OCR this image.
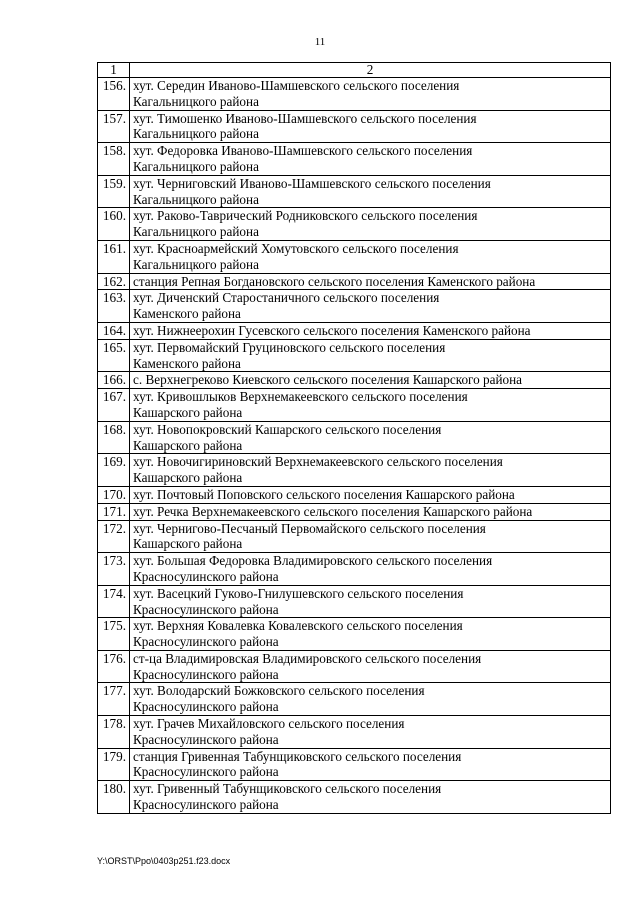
11
1	2
156.	хут. Середин Иваново-Шамшевского сельского поселения
Кагальницкого района
157.	хут. Тимошенко Иваново-Шамшевского сельского поселения
Кагальницкого района
158.	хут. Федоровка Иваново-Шамшевского сельского поселения
Кагальницкого района
159.	хут. Черниговский Иваново-Шамшевского сельского поселения
Кагальницкого района
160.	хут. Раково-Таврический Родниковского сельского поселения
Кагальницкого района
161.	хут. Красноармейский Хомутовского сельского поселения
Кагальницкого района
162.	станция Репная Богдановского сельского поселения Каменского района
163.	хут. Диченский Старостаничного сельского поселения
Каменского района
164.	хут. Нижнеерохин Гусевского сельского поселения Каменского района
165.	хут. Первомайский Груциновского сельского поселения
Каменского района
166.	с. Верхнегреково Киевского сельского поселения Кашарского района
167.	хут. Кривошлыков Верхнемакеевского сельского поселения
Кашарского района
168.	хут. Новопокровский Кашарского сельского поселения
Кашарского района
169.	хут. Новочигириновский Верхнемакеевского сельского поселения
Кашарского района
170.	хут. Почтовый Поповского сельского поселения Кашарского района
171.	хут. Речка Верхнемакеевского сельского поселения Кашарского района
172.	хут. Чернигово-Песчаный Первомайского сельского поселения
Кашарского района
173.	хут. Большая Федоровка Владимировского сельского поселения
Красносулинского района
174.	хут. Васецкий Гуково-Гнилушевского сельского поселения
Красносулинского района
175.	хут. Верхняя Ковалевка Ковалевского сельского поселения
Красносулинского района
176.	ст-ца Владимировская Владимировского сельского поселения
Красносулинского района
177.	хут. Володарский Божковского сельского поселения
Красносулинского района
178.	хут. Грачев Михайловского сельского поселения
Красносулинского района
179.	станция Гривенная Табунщиковского сельского поселения
Красносулинского района
180.	хут. Гривенный Табунщиковского сельского поселения
Красносулинского района
Y:\ORST\Ppo\0403p251.f23.docx
